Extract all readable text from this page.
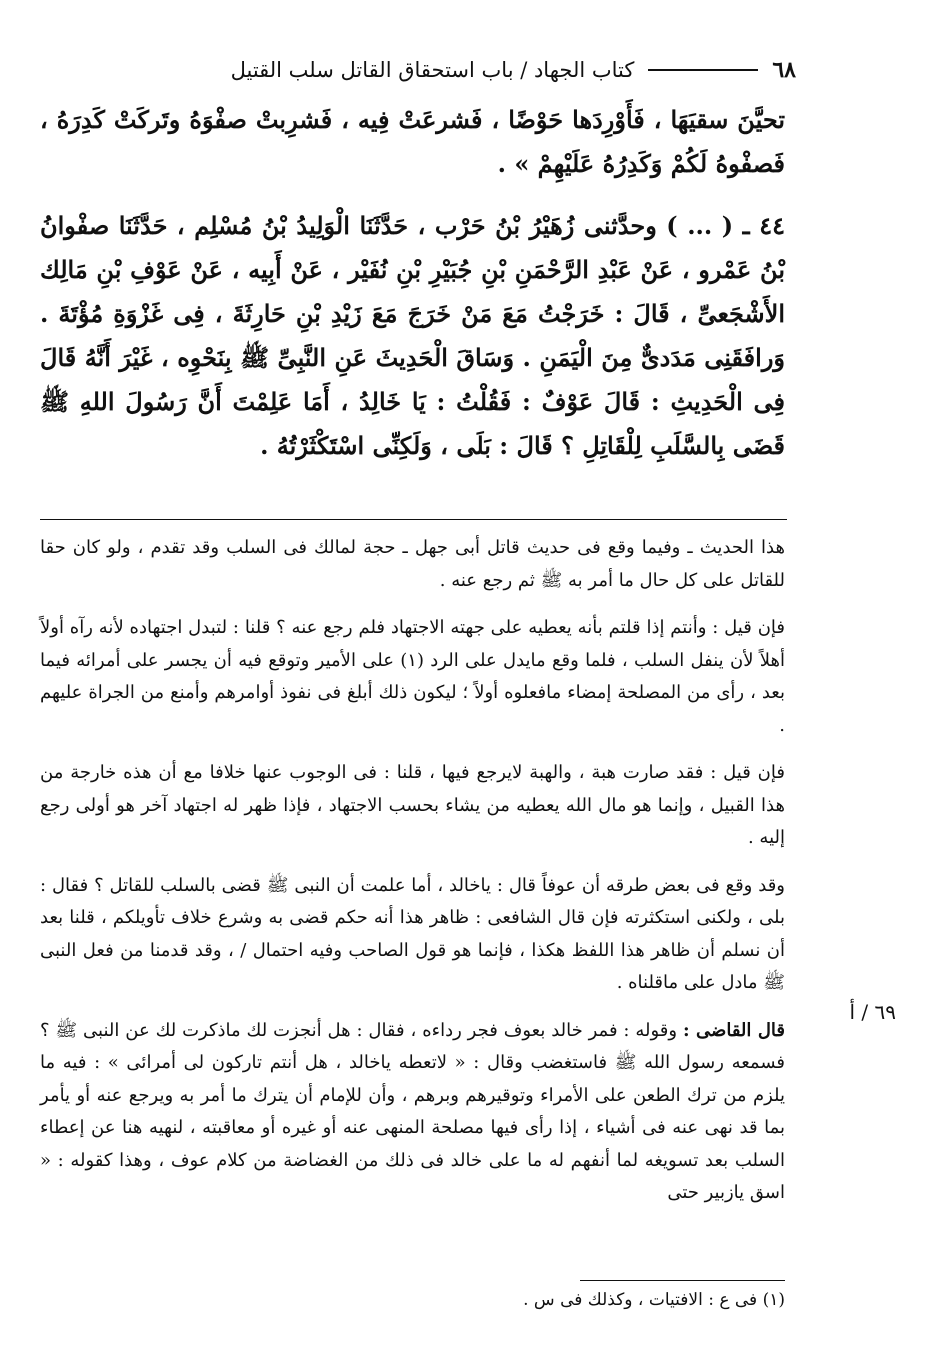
٦٨
كتاب الجهاد / باب استحقاق القاتل سلب القتيل

تحيَّنَ سقيَهَا ، فَأَوْرِدَها حَوْضًا ، فَشرعَتْ فِيه ، فَشرِبتْ صفْوَهُ وتَركَتْ كَدِرَهُ ، فَصفْوهُ لَكُمْ وَكَدِرُهُ عَلَيْهِمْ » .

٤٤ ـ ( ... ) وحدَّثنى زُهَيْرُ بْنُ حَرْب ، حَدَّثَنَا الْوَلِيدُ بْنُ مُسْلِم ، حَدَّثَنَا صفْوانُ بْنُ عَمْرو ، عَنْ عَبْدِ الرَّحْمَنِ بْنِ جُبَيْرِ بْنِ نُفَيْر ، عَنْ أَبِيه ، عَنْ عَوْفِ بْنِ مَالِك الأَشْجَعىِّ ، قَالَ : خَرَجْتُ مَعَ مَنْ خَرَجَ مَعَ زَيْدِ بْنِ حَارِثَةَ ، فِى غَزْوَةِ مُؤْتَةَ . وَرافَقَنِى مَدَدىٌّ مِنَ الْيَمَنِ . وَسَاقَ الْحَدِيثَ عَنِ النَّبِىِّ ﷺ بِنَحْوِه ، غَيْرَ أَنَّهُ قَالَ فِى الْحَدِيثِ : قَالَ عَوْفٌ : فَقُلْتُ : يَا خَالِدُ ، أَمَا عَلِمْتَ أَنَّ رَسُولَ اللهِ ﷺ قَضَى بِالسَّلَبِ لِلْقَاتِلِ ؟ قَالَ : بَلَى ، وَلَكِنِّى اسْتَكْثَرْتُهُ .

هذا الحديث ـ وفيما وقع فى حديث قاتل أبى جهل ـ حجة لمالك فى السلب وقد تقدم ، ولو كان حقا للقاتل على كل حال ما أمر به ﷺ ثم رجع عنه .

فإن قيل : وأنتم إذا قلتم بأنه يعطيه على جهته الاجتهاد فلم رجع عنه ؟ قلنا : لتبدل اجتهاده لأنه رآه أولاً أهلاً لأن ينفل السلب ، فلما وقع مايدل على الرد (١) على الأمير وتوقع فيه أن يجسر على أمرائه فيما بعد ، رأى من المصلحة إمضاء مافعلوه أولاً ؛ ليكون ذلك أبلغ فى نفوذ أوامرهم وأمنع من الجراة عليهم .

فإن قيل : فقد صارت هبة ، والهبة لايرجع فيها ، قلنا : فى الوجوب عنها خلافا مع أن هذه خارجة من هذا القبيل ، وإنما هو مال الله يعطيه من يشاء بحسب الاجتهاد ، فإذا ظهر له اجتهاد آخر هو أولى رجع إليه .

وقد وقع فى بعض طرقه أن عوفاً قال : ياخالد ، أما علمت أن النبى ﷺ قضى بالسلب للقاتل ؟ فقال : بلى ، ولكنى استكثرته فإن قال الشافعى : ظاهر هذا أنه حكم قضى به وشرع خلاف تأويلكم ، قلنا بعد أن نسلم أن ظاهر هذا اللفظ هكذا ، فإنما هو قول الصاحب وفيه احتمال / ، وقد قدمنا من فعل النبى ﷺ مادل على ماقلناه .

قال القاضى : وقوله : فمر خالد بعوف فجر رداءه ، فقال : هل أنجزت لك ماذكرت لك عن النبى ﷺ ؟ فسمعه رسول الله ﷺ فاستغضب وقال : « لاتعطه ياخالد ، هل أنتم تاركون لى أمرائى » : فيه ما يلزم من ترك الطعن على الأمراء وتوقيرهم وبرهم ، وأن للإمام أن يترك ما أمر به ويرجع عنه أو يأمر بما قد نهى عنه فى أشياء ، إذا رأى فيها مصلحة المنهى عنه أو غيره أو معاقبته ، لنهيه هنا عن إعطاء السلب بعد تسويغه لما أنفهم له ما على خالد فى ذلك من الغضاضة من كلام عوف ، وهذا كقوله : « اسق يازبير حتى

٦٩ / أ
(١) فى ع : الافتيات ، وكذلك فى س .
